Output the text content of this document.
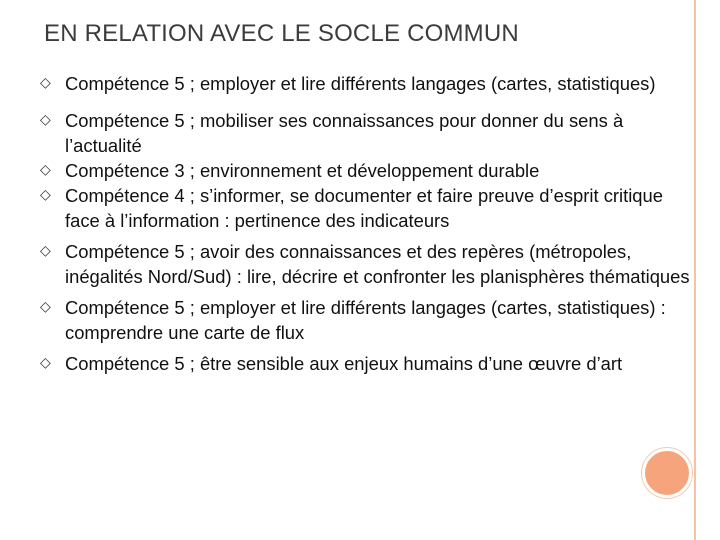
EN RELATION AVEC LE SOCLE COMMUN
◇ Compétence 5 ; employer et lire différents langages (cartes, statistiques)
◇ Compétence 5 ; mobiliser ses connaissances pour donner du sens à l’actualité
◇ Compétence 3 ; environnement et développement durable
◇ Compétence 4 ; s’informer, se documenter et faire preuve d’esprit critique face à l’information : pertinence des indicateurs
◇ Compétence 5 ; avoir des connaissances et des repères (métropoles, inégalités Nord/Sud) : lire, décrire et confronter les planisphères thématiques
◇ Compétence 5 ; employer et lire différents langages (cartes, statistiques) : comprendre une carte de flux
◇ Compétence 5 ; être sensible aux enjeux humains d’une œuvre d’art
